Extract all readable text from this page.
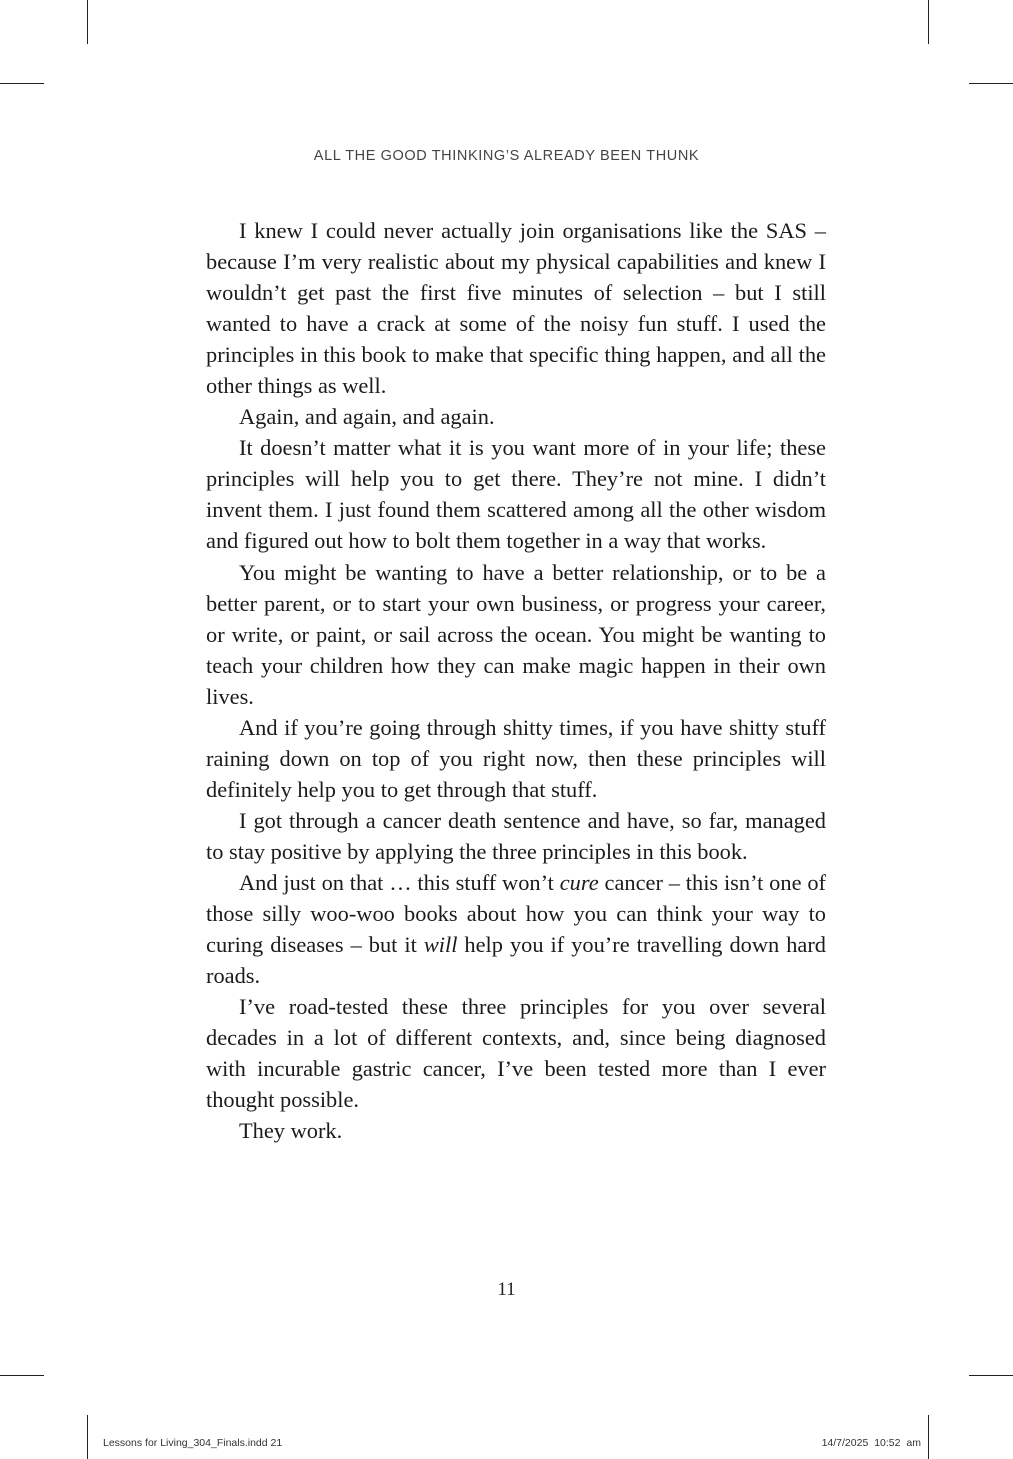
ALL THE GOOD THINKING’S ALREADY BEEN THUNK

I knew I could never actually join organisations like the SAS – because I’m very realistic about my physical capabilities and knew I wouldn’t get past the first five minutes of selection – but I still wanted to have a crack at some of the noisy fun stuff. I used the principles in this book to make that specific thing happen, and all the other things as well.

Again, and again, and again.

It doesn’t matter what it is you want more of in your life; these principles will help you to get there. They’re not mine. I didn’t invent them. I just found them scattered among all the other wisdom and figured out how to bolt them together in a way that works.

You might be wanting to have a better relationship, or to be a better parent, or to start your own business, or progress your career, or write, or paint, or sail across the ocean. You might be wanting to teach your children how they can make magic happen in their own lives.

And if you’re going through shitty times, if you have shitty stuff raining down on top of you right now, then these principles will definitely help you to get through that stuff.

I got through a cancer death sentence and have, so far, managed to stay positive by applying the three principles in this book.

And just on that … this stuff won’t cure cancer – this isn’t one of those silly woo-woo books about how you can think your way to curing diseases – but it will help you if you’re travelling down hard roads.

I’ve road-tested these three principles for you over several decades in a lot of different contexts, and, since being diagnosed with incurable gastric cancer, I’ve been tested more than I ever thought possible.

They work.

11
Lessons for Living_304_Finals.indd 21	14/7/2025 10:52 am
